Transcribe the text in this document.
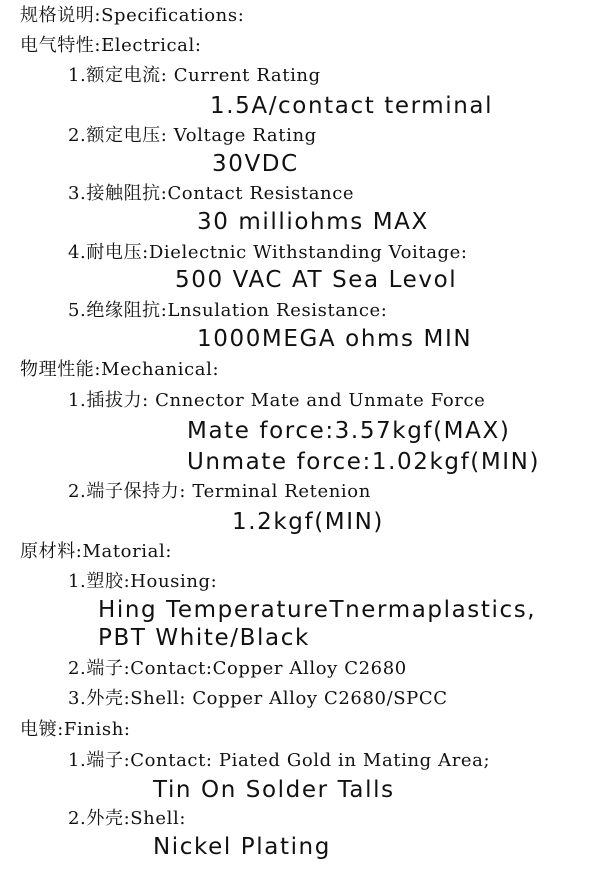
规格说明:Specifications:
电气特性:Electrical:
1.额定电流: Current Rating
1.5A/contact terminal
2.额定电压: Voltage Rating
30VDC
3.接触阻抗:Contact Resistance
30 milliohms MAX
4.耐电压:Dielectnic Withstanding Voitage:
500 VAC AT Sea Levol
5.绝缘阻抗:Lnsulation Resistance:
1000MEGA ohms MIN
物理性能:Mechanical:
1.插拔力: Cnnector Mate and Unmate Force
Mate force:3.57kgf(MAX)
Unmate force:1.02kgf(MIN)
2.端子保持力: Terminal Retenion
1.2kgf(MIN)
原材料:Matorial:
1.塑胶:Housing:
Hing TemperatureTnermaplastics,
PBT White/Black
2.端子:Contact:Copper Alloy C2680
3.外壳:Shell: Copper Alloy C2680/SPCC
电镀:Finish:
1.端子:Contact: Piated Gold in Mating Area;
Tin On Solder Talls
2.外壳:Shell:
Nickel Plating
